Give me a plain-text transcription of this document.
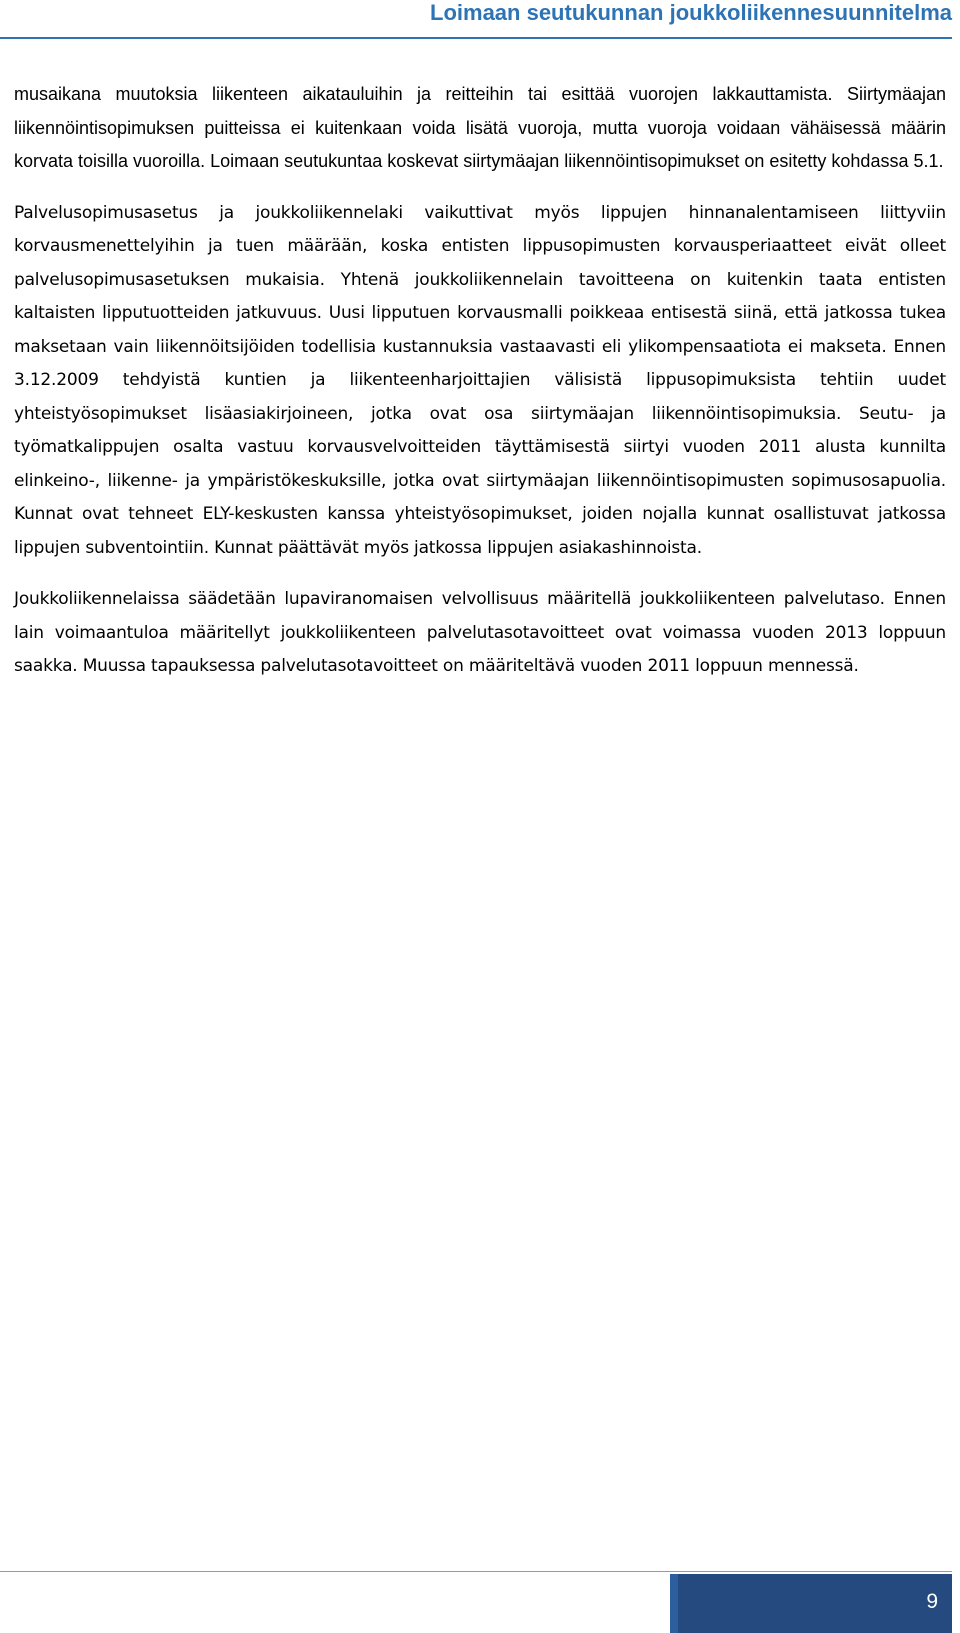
Loimaan seutukunnan joukkoliikennesuunnitelma

musaikana muutoksia liikenteen aikatauluihin ja reitteihin tai esittää vuorojen lakkauttamista. Siirtymäajan liikennöintisopimuksen puitteissa ei kuitenkaan voida lisätä vuoroja, mutta vuoroja voidaan vähäisessä määrin korvata toisilla vuoroilla. Loimaan seutukuntaa koskevat siirtymäajan liikennöintisopimukset on esitetty kohdassa 5.1.

Palvelusopimusasetus ja joukkoliikennelaki vaikuttivat myös lippujen hinnanalentamiseen liittyviin korvausmenettelyihin ja tuen määrään, koska entisten lippusopimusten korvausperiaatteet eivät olleet palvelusopimusasetuksen mukaisia. Yhtenä joukkoliikennelain tavoitteena on kuitenkin taata entisten kaltaisten lipputuotteiden jatkuvuus. Uusi lipputuen korvausmalli poikkeaa entisestä siinä, että jatkossa tukea maksetaan vain liikennöitsijöiden todellisia kustannuksia vastaavasti eli ylikompensaatiota ei makseta. Ennen 3.12.2009 tehdyistä kuntien ja liikenteenharjoittajien välisistä lippusopimuksista tehtiin uudet yhteistyösopimukset lisäasiakirjoineen, jotka ovat osa siirtymäajan liikennöintisopimuksia. Seutu- ja työmatkalippujen osalta vastuu korvausvelvoitteiden täyttämisestä siirtyi vuoden 2011 alusta kunnilta elinkeino-, liikenne- ja ympäristökeskuksille, jotka ovat siirtymäajan liikennöintisopimusten sopimusosapuolia. Kunnat ovat tehneet ELY-keskusten kanssa yhteistyösopimukset, joiden nojalla kunnat osallistuvat jatkossa lippujen subventointiin. Kunnat päättävät myös jatkossa lippujen asiakashinnoista.

Joukkoliikennelaissa säädetään lupaviranomaisen velvollisuus määritellä joukkoliikenteen palvelutaso. Ennen lain voimaantuloa määritellyt joukkoliikenteen palvelutasotavoitteet ovat voimassa vuoden 2013 loppuun saakka. Muussa tapauksessa palvelutasotavoitteet on määriteltävä vuoden 2011 loppuun mennessä.

9
